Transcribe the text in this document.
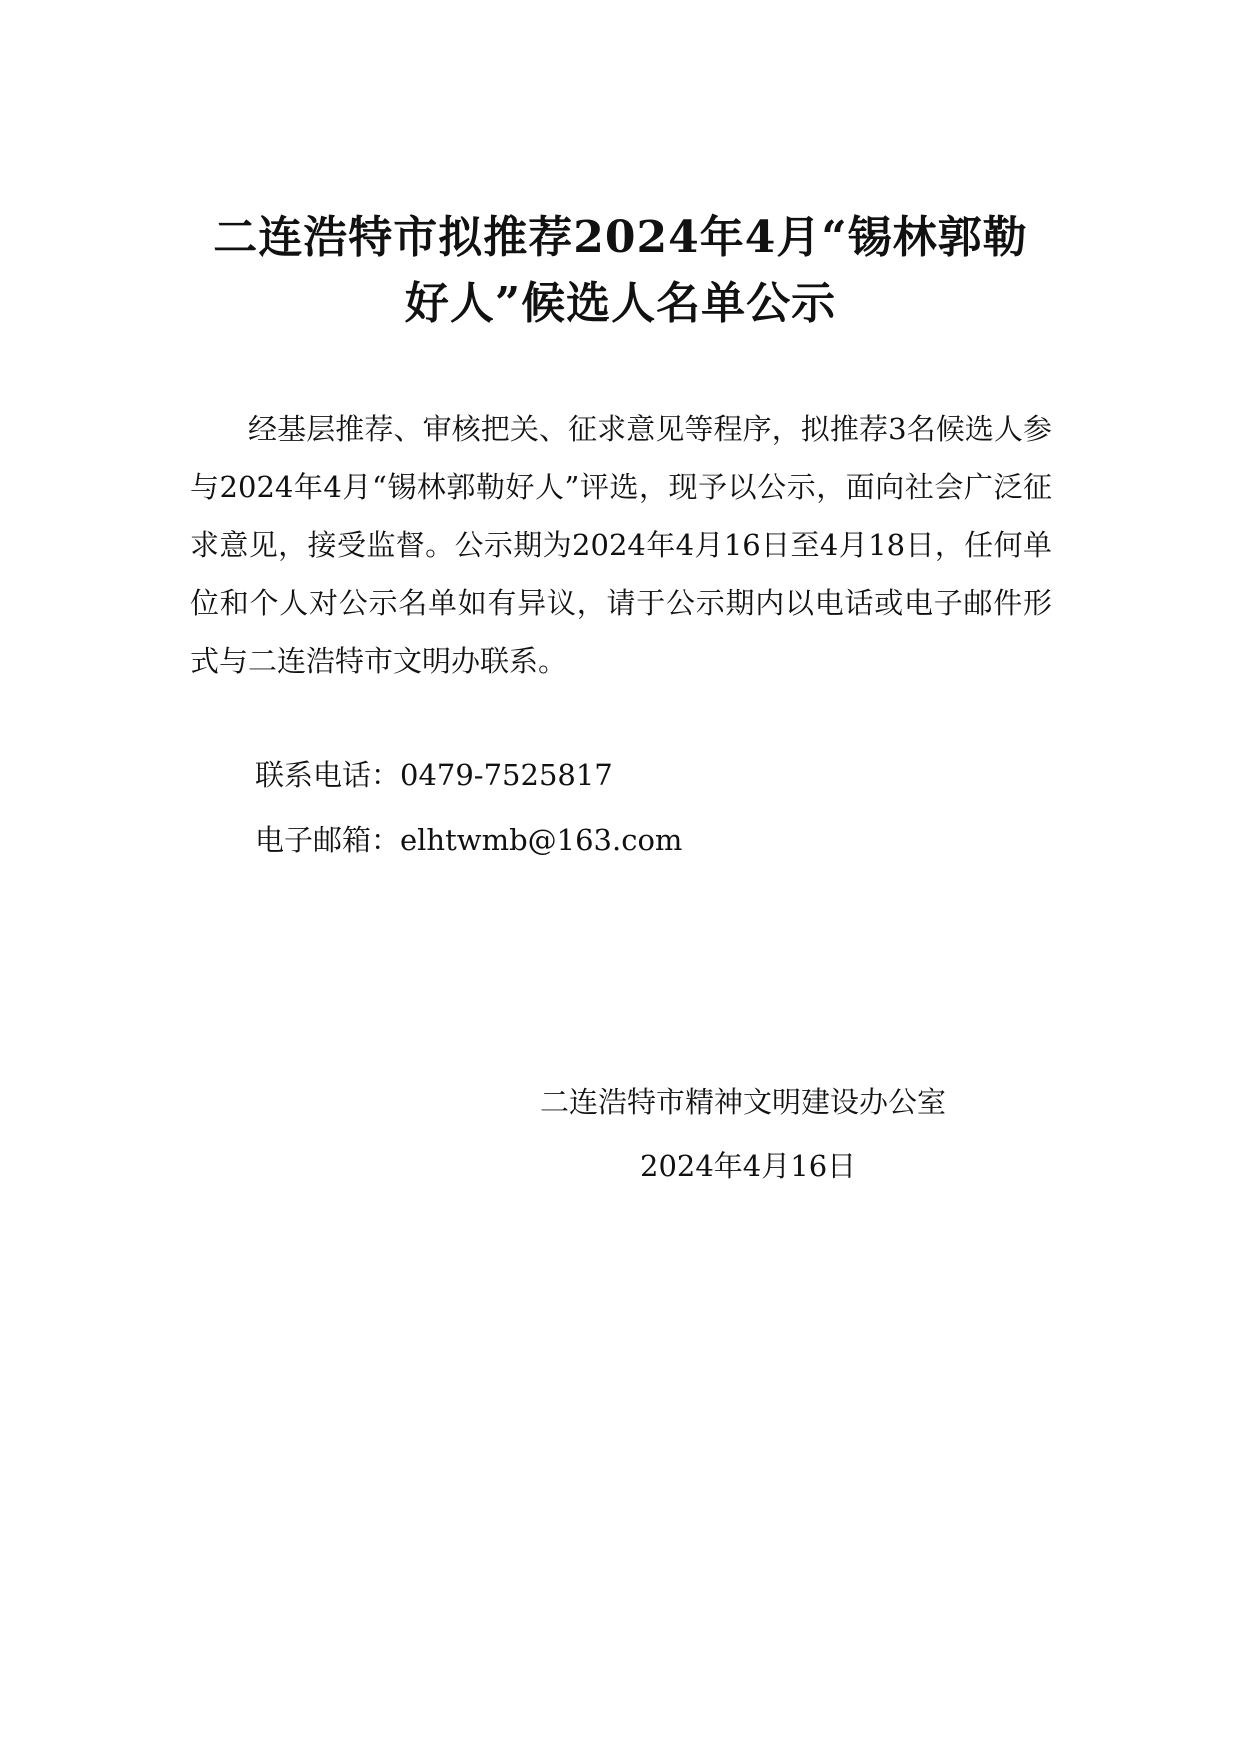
二连浩特市拟推荐2024年4月“锡林郭勒
好人”候选人名单公示

经基层推荐、审核把关、征求意见等程序，拟推荐3名候选人参与2024年4月“锡林郭勒好人”评选，现予以公示，面向社会广泛征求意见，接受监督。公示期为2024年4月16日至4月18日，任何单位和个人对公示名单如有异议，请于公示期内以电话或电子邮件形式与二连浩特市文明办联系。

联系电话：0479-7525817
电子邮箱：elhtwmb@163.com
二连浩特市精神文明建设办公室
2024年4月16日
